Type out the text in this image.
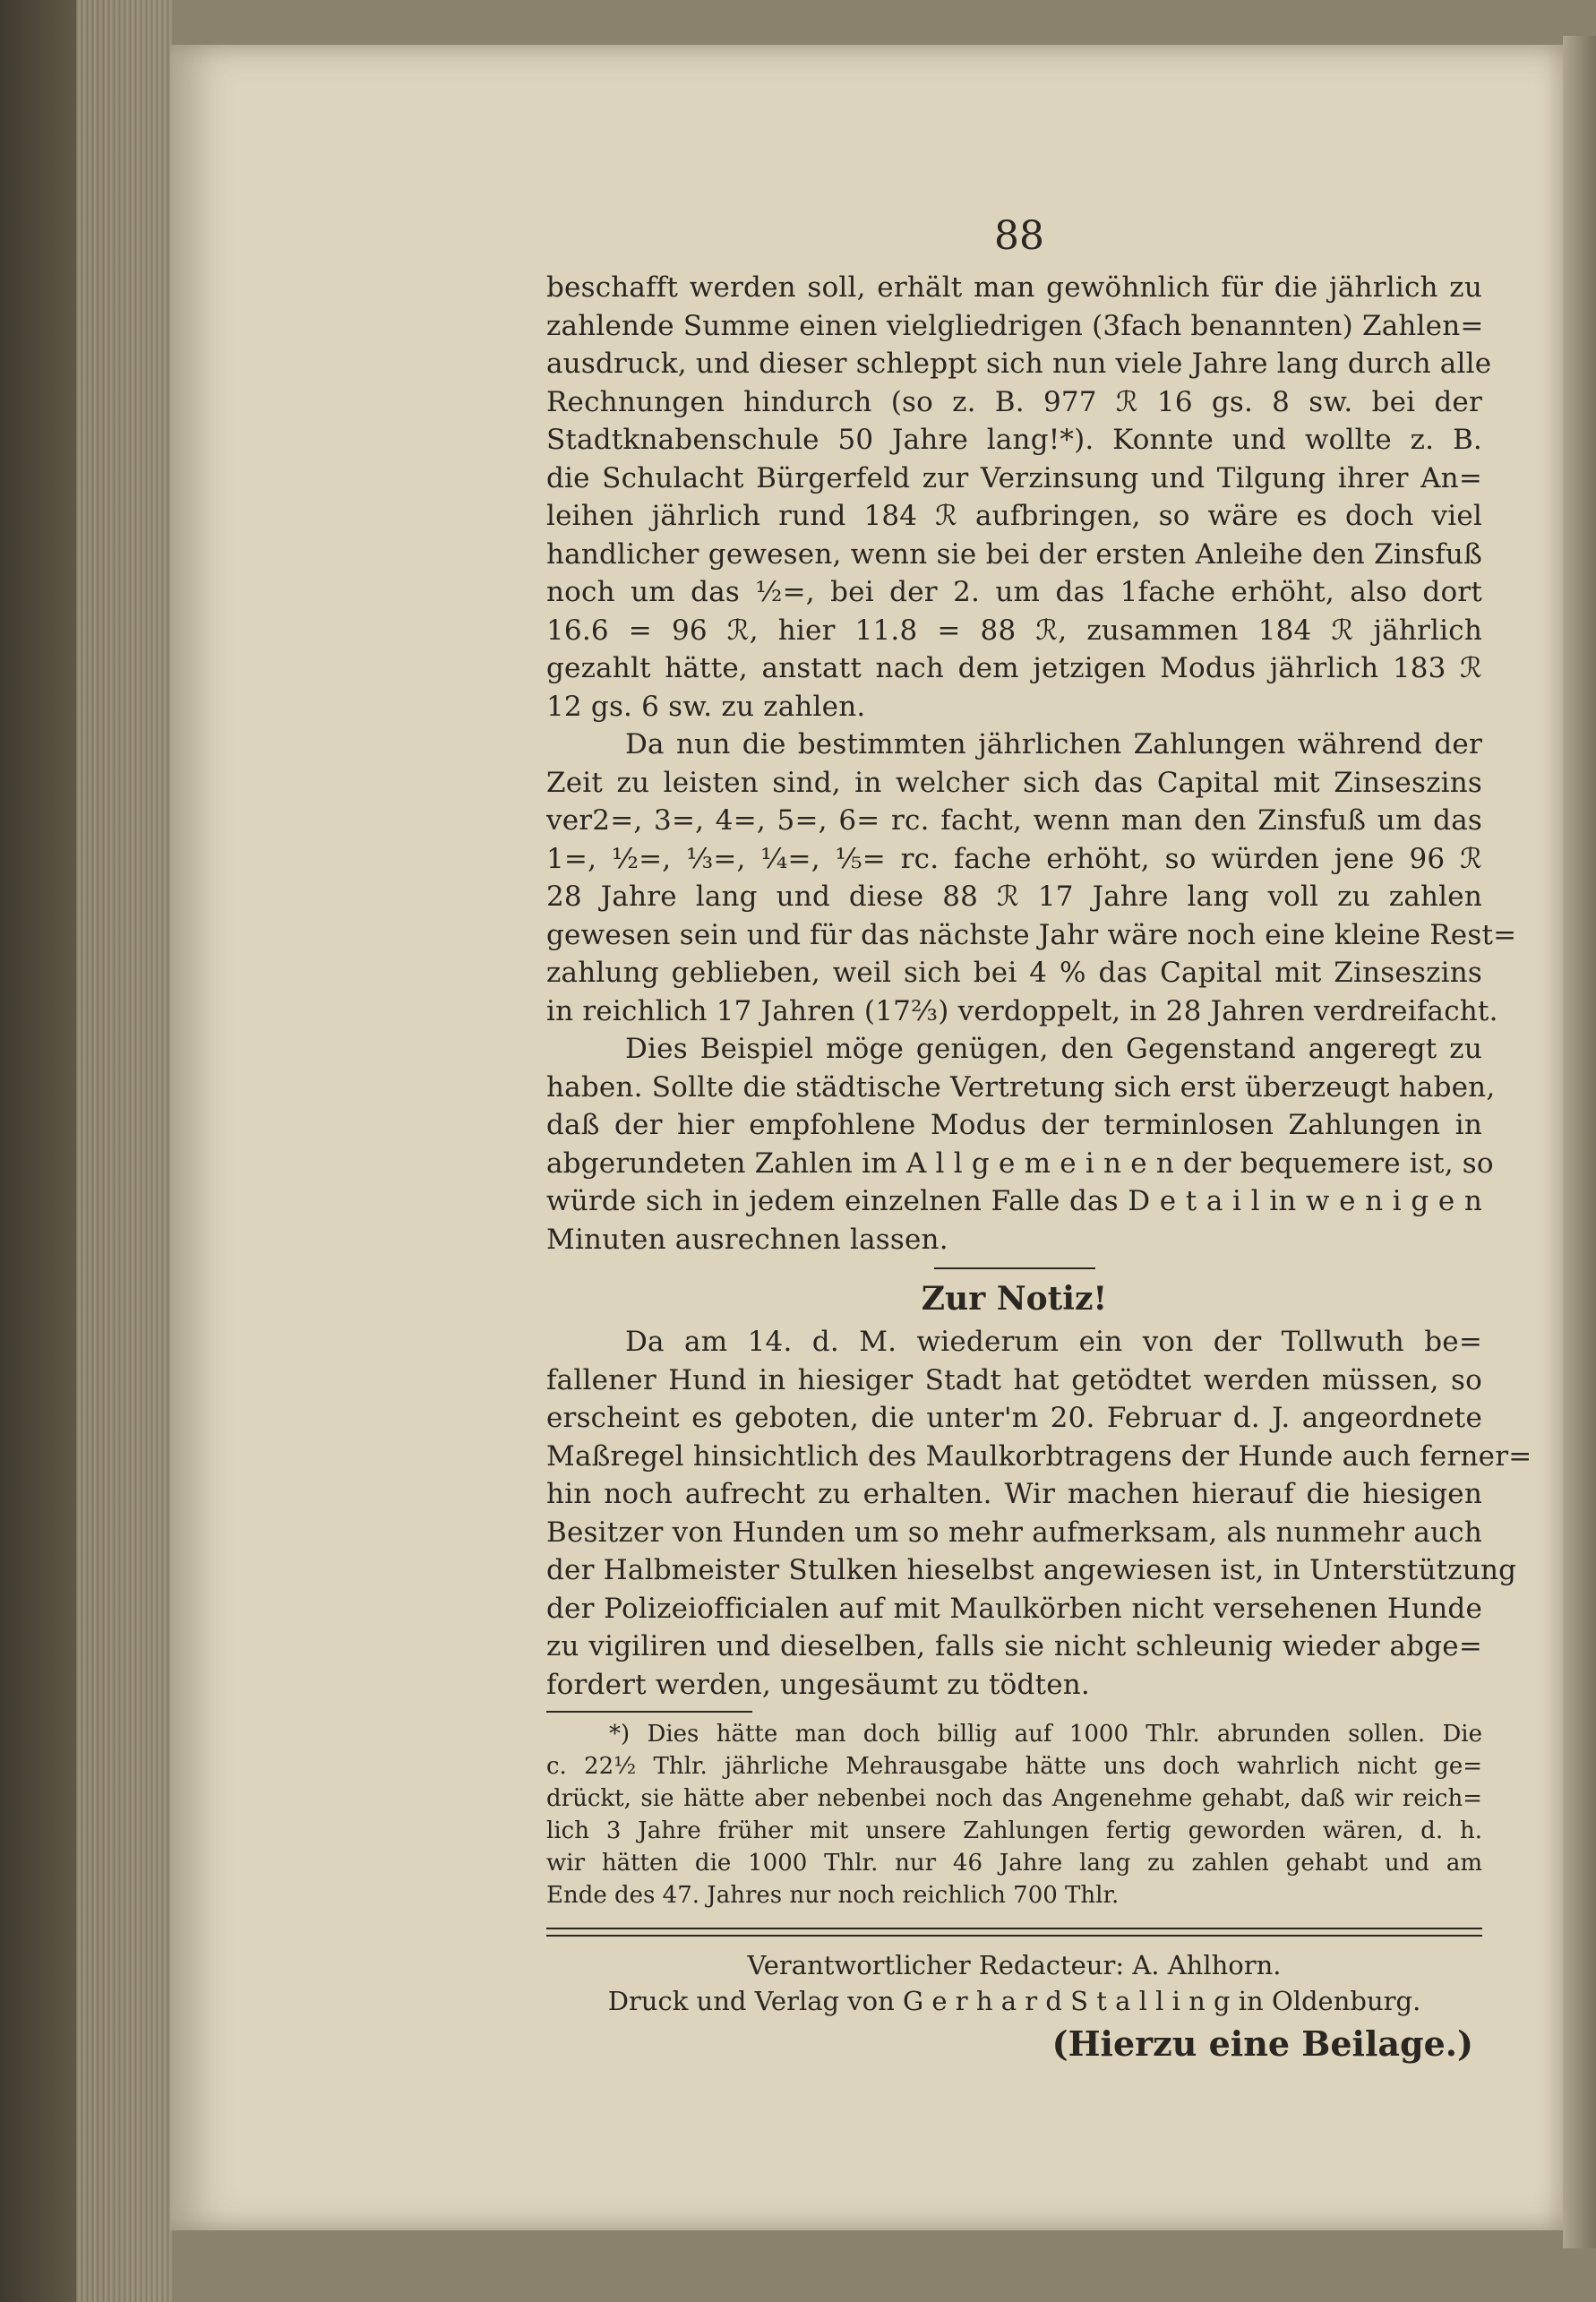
88
beschafft werden soll, erhält man gewöhnlich für die jährlich zu
zahlende Summe einen vielgliedrigen (3fach benannten) Zahlen=
ausdruck, und dieser schleppt sich nun viele Jahre lang durch alle
Rechnungen hindurch (so z. B. 977 ℛ 16 gs. 8 sw. bei der
Stadtknabenschule 50 Jahre lang!*). Konnte und wollte z. B.
die Schulacht Bürgerfeld zur Verzinsung und Tilgung ihrer An=
leihen jährlich rund 184 ℛ aufbringen, so wäre es doch viel
handlicher gewesen, wenn sie bei der ersten Anleihe den Zinsfuß
noch um das ½=, bei der 2. um das 1fache erhöht, also dort
16.6 = 96 ℛ, hier 11.8 = 88 ℛ, zusammen 184 ℛ jährlich
gezahlt hätte, anstatt nach dem jetzigen Modus jährlich 183 ℛ
12 gs. 6 sw. zu zahlen.
Da nun die bestimmten jährlichen Zahlungen während der
Zeit zu leisten sind, in welcher sich das Capital mit Zinseszins
ver2=, 3=, 4=, 5=, 6= rc. facht, wenn man den Zinsfuß um das
1=, ½=, ⅓=, ¼=, ⅕= rc. fache erhöht, so würden jene 96 ℛ
28 Jahre lang und diese 88 ℛ 17 Jahre lang voll zu zahlen
gewesen sein und für das nächste Jahr wäre noch eine kleine Rest=
zahlung geblieben, weil sich bei 4 % das Capital mit Zinseszins
in reichlich 17 Jahren (17⅔) verdoppelt, in 28 Jahren verdreifacht.
Dies Beispiel möge genügen, den Gegenstand angeregt zu
haben. Sollte die städtische Vertretung sich erst überzeugt haben,
daß der hier empfohlene Modus der terminlosen Zahlungen in
abgerundeten Zahlen im A l l g e m e i n e n der bequemere ist, so
würde sich in jedem einzelnen Falle das D e t a i l in w e n i g e n
Minuten ausrechnen lassen.
Zur Notiz!
Da am 14. d. M. wiederum ein von der Tollwuth be=
fallener Hund in hiesiger Stadt hat getödtet werden müssen, so
erscheint es geboten, die unter'm 20. Februar d. J. angeordnete
Maßregel hinsichtlich des Maulkorbtragens der Hunde auch ferner=
hin noch aufrecht zu erhalten. Wir machen hierauf die hiesigen
Besitzer von Hunden um so mehr aufmerksam, als nunmehr auch
der Halbmeister Stulken hieselbst angewiesen ist, in Unterstützung
der Polizeiofficialen auf mit Maulkörben nicht versehenen Hunde
zu vigiliren und dieselben, falls sie nicht schleunig wieder abge=
fordert werden, ungesäumt zu tödten.
*) Dies hätte man doch billig auf 1000 Thlr. abrunden sollen. Die
c. 22½ Thlr. jährliche Mehrausgabe hätte uns doch wahrlich nicht ge=
drückt, sie hätte aber nebenbei noch das Angenehme gehabt, daß wir reich=
lich 3 Jahre früher mit unsere Zahlungen fertig geworden wären, d. h.
wir hätten die 1000 Thlr. nur 46 Jahre lang zu zahlen gehabt und am
Ende des 47. Jahres nur noch reichlich 700 Thlr.
Verantwortlicher Redacteur: A. Ahlhorn.
Druck und Verlag von G e r h a r d S t a l l i n g in Oldenburg.
(Hierzu eine Beilage.)
